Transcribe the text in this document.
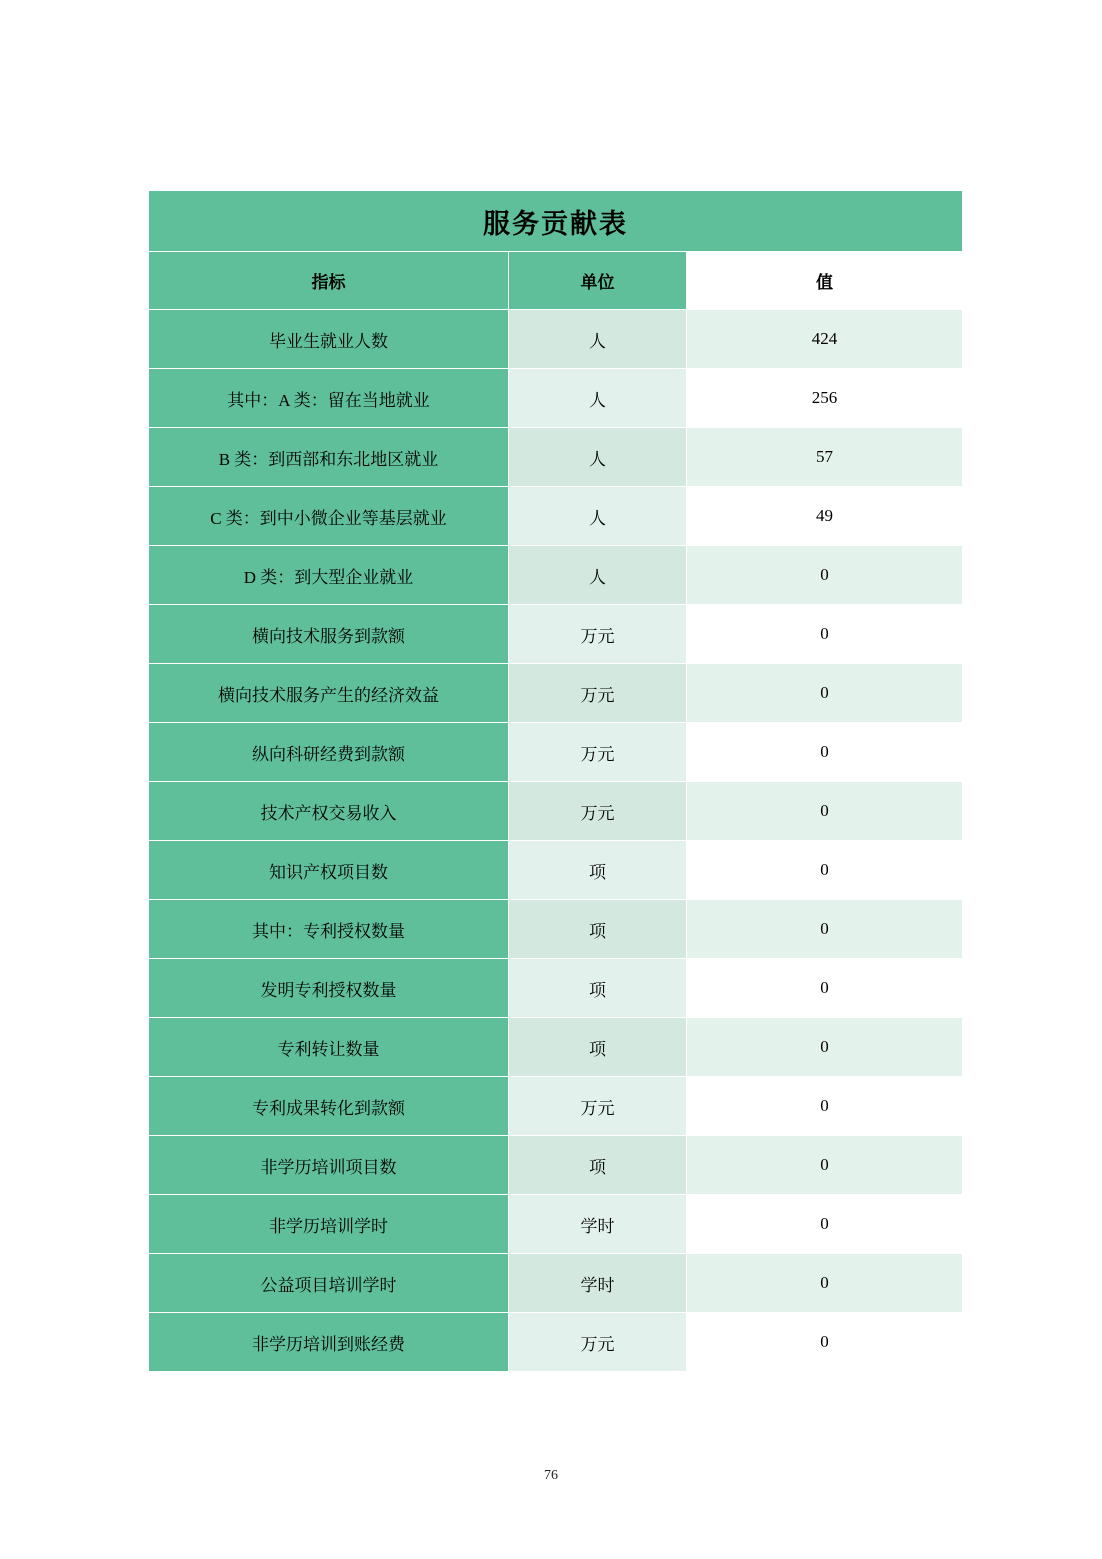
服务贡献表		
指标	单位	值
毕业生就业人数	人	424
其中：A 类：留在当地就业	人	256
B 类：到西部和东北地区就业	人	57
C 类：到中小微企业等基层就业	人	49
D 类：到大型企业就业	人	0
横向技术服务到款额	万元	0
横向技术服务产生的经济效益	万元	0
纵向科研经费到款额	万元	0
技术产权交易收入	万元	0
知识产权项目数	项	0
其中：专利授权数量	项	0
发明专利授权数量	项	0
专利转让数量	项	0
专利成果转化到款额	万元	0
非学历培训项目数	项	0
非学历培训学时	学时	0
公益项目培训学时	学时	0
非学历培训到账经费	万元	0
76
